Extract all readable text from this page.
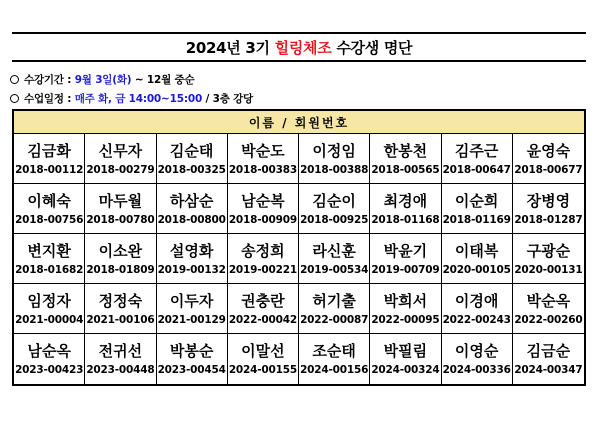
2024년 3기 힐링체조 수강생 명단
수강기간 : 9월 3일(화) ~ 12월 중순
수업일정 : 매주 화, 금 14:00~15:00 / 3층 강당
이름 / 회원번호
김금화
2018-00112
신무자
2018-00279
김순태
2018-00325
박순도
2018-00383
이정임
2018-00388
한봉천
2018-00565
김주근
2018-00647
윤영숙
2018-00677
이혜숙
2018-00756
마두월
2018-00780
하삼순
2018-00800
남순복
2018-00909
김순이
2018-00925
최경애
2018-01168
이순희
2018-01169
장병영
2018-01287
변지환
2018-01682
이소완
2018-01809
설영화
2019-00132
송정희
2019-00221
라신훈
2019-00534
박윤기
2019-00709
이태복
2020-00105
구광순
2020-00131
임정자
2021-00004
정정숙
2021-00106
이두자
2021-00129
권충란
2022-00042
허기출
2022-00087
박희서
2022-00095
이경애
2022-00243
박순옥
2022-00260
남순옥
2023-00423
전귀선
2023-00448
박봉순
2023-00454
이말선
2024-00155
조순태
2024-00156
박필림
2024-00324
이영순
2024-00336
김금순
2024-00347
